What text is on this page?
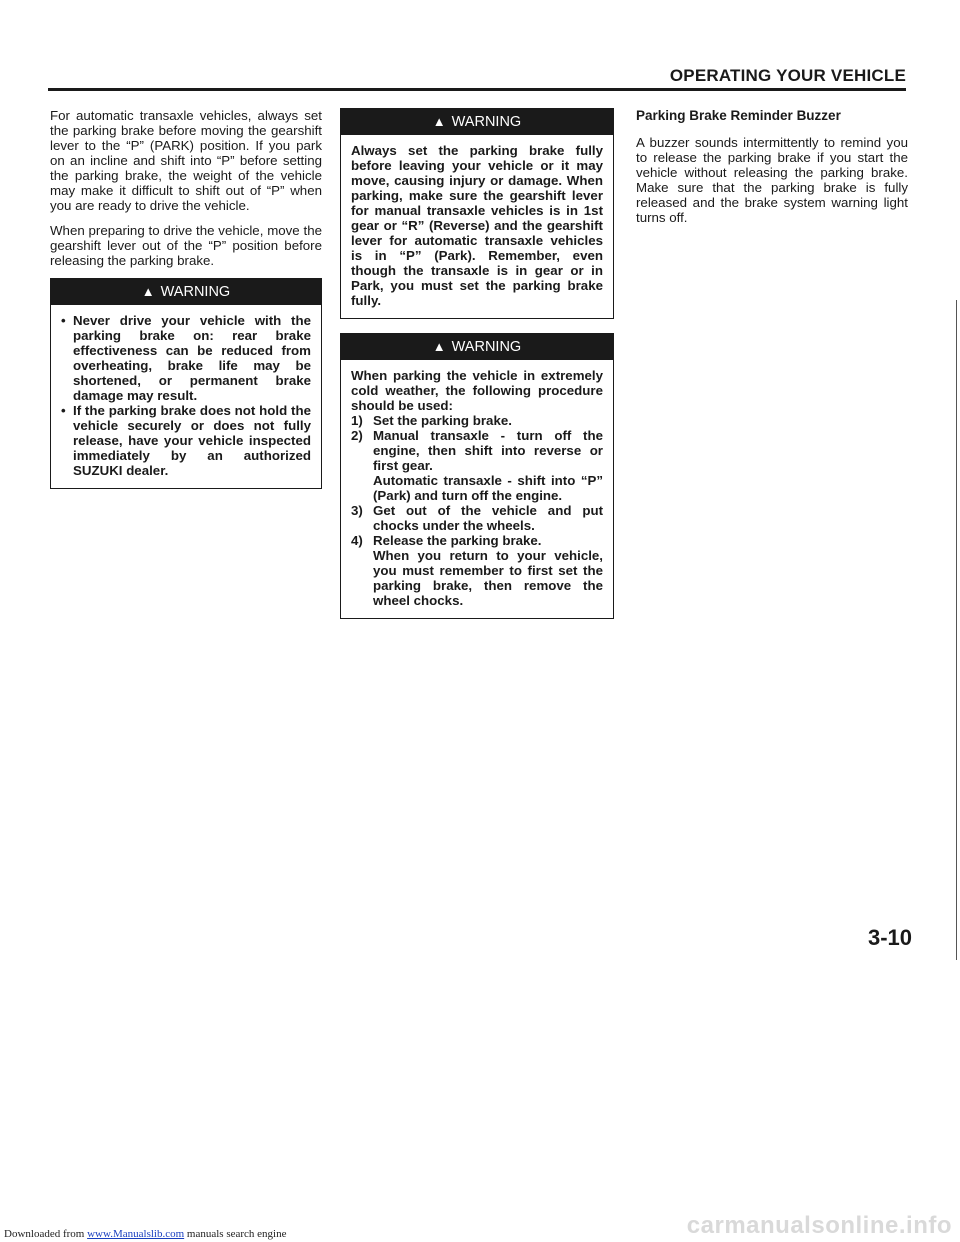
OPERATING YOUR VEHICLE

For automatic transaxle vehicles, always set the parking brake before moving the gearshift lever to the “P” (PARK) position. If you park on an incline and shift into “P” before setting the parking brake, the weight of the vehicle may make it difficult to shift out of “P” when you are ready to drive the vehicle.

When preparing to drive the vehicle, move the gearshift lever out of the “P” position before releasing the parking brake.

▲ WARNING
• Never drive your vehicle with the parking brake on: rear brake effectiveness can be reduced from overheating, brake life may be shortened, or permanent brake damage may result.
• If the parking brake does not hold the vehicle securely or does not fully release, have your vehicle inspected immediately by an authorized SUZUKI dealer.
▲ WARNING
Always set the parking brake fully before leaving your vehicle or it may move, causing injury or damage. When parking, make sure the gearshift lever for manual transaxle vehicles is in 1st gear or “R” (Reverse) and the gearshift lever for automatic transaxle vehicles is in “P” (Park). Remember, even though the transaxle is in gear or in Park, you must set the parking brake fully.
▲ WARNING
When parking the vehicle in extremely cold weather, the following procedure should be used:
1) Set the parking brake.
2) Manual transaxle - turn off the engine, then shift into reverse or first gear.
Automatic transaxle - shift into “P” (Park) and turn off the engine.
3) Get out of the vehicle and put chocks under the wheels.
4) Release the parking brake.
When you return to your vehicle, you must remember to first set the parking brake, then remove the wheel chocks.
Parking Brake Reminder Buzzer

A buzzer sounds intermittently to remind you to release the parking brake if you start the vehicle without releasing the parking brake. Make sure that the parking brake is fully released and the brake system warning light turns off.

3-10
carmanualsonline.info
Downloaded from www.Manualslib.com manuals search engine
